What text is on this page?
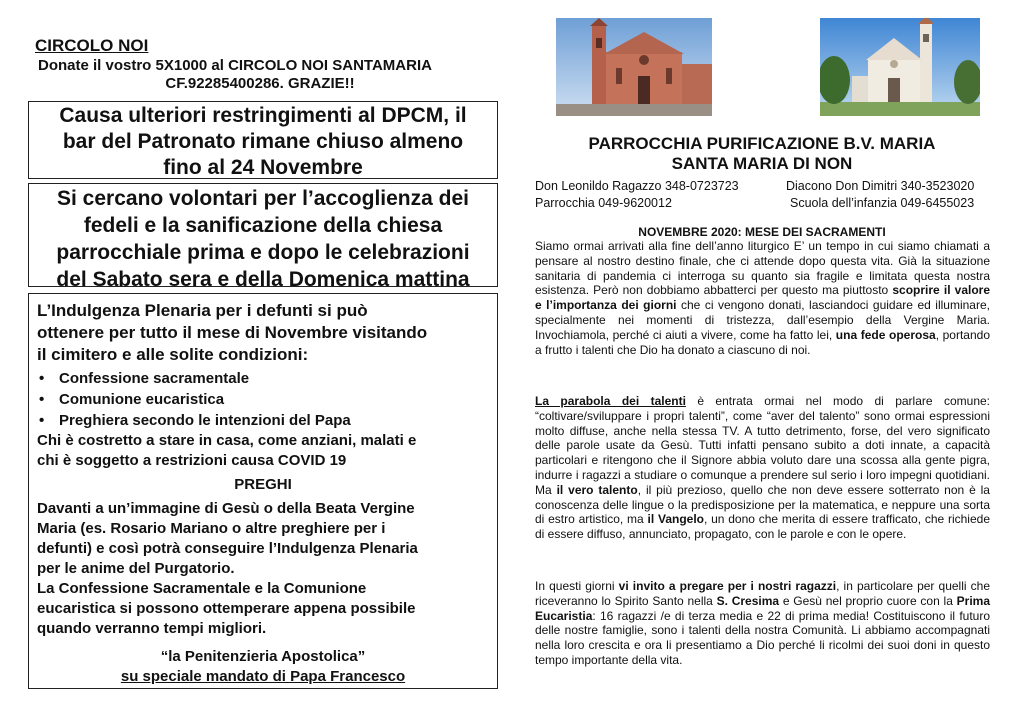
CIRCOLO NOI
Donate il vostro 5X1000 al CIRCOLO NOI SANTAMARIA
CF.92285400286. GRAZIE!!

Causa ulteriori restringimenti al DPCM, il

bar del Patronato rimane chiuso almeno

fino al 24 Novembre

Si cercano volontari per l’accoglienza dei

fedeli e la sanificazione della chiesa

parrocchiale prima e dopo le celebrazioni

del Sabato sera e della Domenica mattina

L’Indulgenza Plenaria per i defunti si può

ottenere per tutto il mese di Novembre visitando

il cimitero e alle solite condizioni:

• Confessione sacramentale
• Comunione eucaristica
• Preghiera secondo le intenzioni del Papa

Chi è costretto a stare in casa, come anziani, malati e

chi è soggetto a restrizioni causa COVID 19

PREGHI

Davanti a un’immagine di Gesù o della Beata Vergine

Maria (es. Rosario Mariano o altre preghiere per i

defunti) e così potrà conseguire l’Indulgenza Plenaria

per le anime del Purgatorio.

La Confessione Sacramentale e la Comunione

eucaristica si possono ottemperare appena possibile

quando verranno tempi migliori.

“la Penitenzieria Apostolica”

su speciale mandato di Papa Francesco

PARROCCHIA PURIFICAZIONE B.V. MARIA
SANTA MARIA DI NON
Don Leonildo Ragazzo 348-0723723	Diacono Don Dimitri 340-3523020
Parrocchia 049-9620012	Scuola dell’infanzia 049-6455023
NOVEMBRE 2020: MESE DEI SACRAMENTI

Siamo ormai arrivati alla fine dell’anno liturgico E’ un tempo in cui siamo chiamati a pensare al nostro destino finale, che ci attende dopo questa vita. Già la situazione sanitaria di pandemia ci interroga su quanto sia fragile e limitata questa nostra esistenza. Però non dobbiamo abbatterci per questo ma piuttosto scoprire il valore e l’importanza dei giorni che ci vengono donati, lasciandoci guidare ed illuminare, specialmente nei momenti di tristezza, dall’esempio della Vergine Maria. Invochiamola, perché ci aiuti a vivere, come ha fatto lei, una fede operosa, portando a frutto i talenti che Dio ha donato a ciascuno di noi.

La parabola dei talenti è entrata ormai nel modo di parlare comune: “coltivare/sviluppare i propri talenti”, come “aver del talento” sono ormai espressioni molto diffuse, anche nella stessa TV. A tutto detrimento, forse, del vero significato delle parole usate da Gesù. Tutti infatti pensano subito a doti innate, a capacità particolari e ritengono che il Signore abbia voluto dare una scossa alla gente pigra, indurre i ragazzi a studiare o comunque a prendere sul serio i loro impegni quotidiani. Ma il vero talento, il più prezioso, quello che non deve essere sotterrato non è la conoscenza delle lingue o la predisposizione per la matematica, e neppure una sorta di estro artistico, ma il Vangelo, un dono che merita di essere trafficato, che richiede di essere diffuso, annunciato, propagato, con le parole e con le opere.

In questi giorni vi invito a pregare per i nostri ragazzi, in particolare per quelli che riceveranno lo Spirito Santo nella S. Cresima e Gesù nel proprio cuore con la Prima Eucaristia: 16 ragazzi /e di terza media e 22 di prima media! Costituiscono il futuro delle nostre famiglie, sono i talenti della nostra Comunità. Li abbiamo accompagnati nella loro crescita e ora li presentiamo a Dio perché li ricolmi dei suoi doni in questo tempo importante della vita.
